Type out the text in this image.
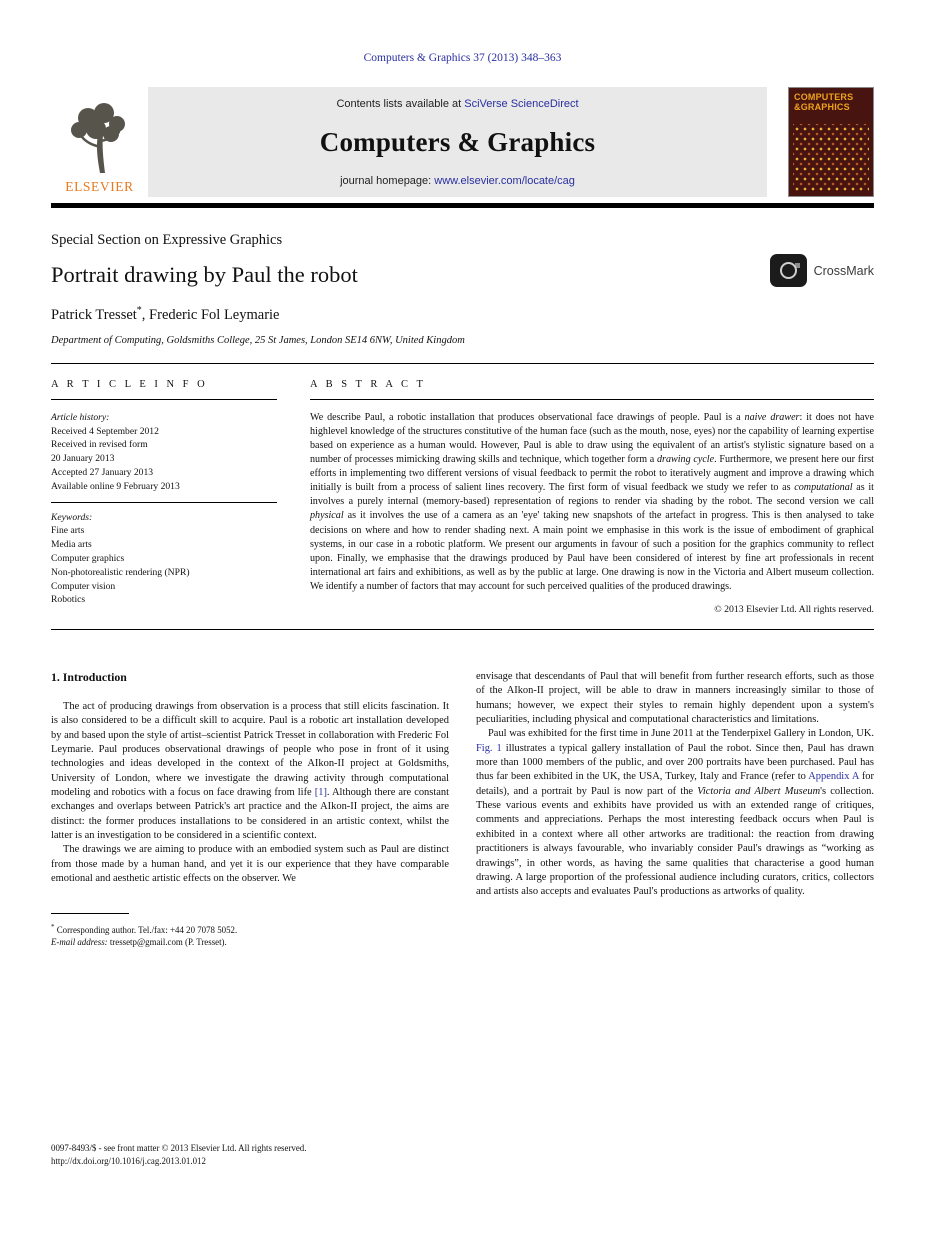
Computers & Graphics 37 (2013) 348–363
ELSEVIER
Contents lists available at SciVerse ScienceDirect
Computers & Graphics
journal homepage: www.elsevier.com/locate/cag
COMPUTERS
&GRAPHICS
Special Section on Expressive Graphics
Portrait drawing by Paul the robot
Patrick Tresset*, Frederic Fol Leymarie
Department of Computing, Goldsmiths College, 25 St James, London SE14 6NW, United Kingdom
CrossMark
A R T I C L E I N F O
Article history:
Received 4 September 2012
Received in revised form
20 January 2013
Accepted 27 January 2013
Available online 9 February 2013
Keywords:
Fine arts
Media arts
Computer graphics
Non-photorealistic rendering (NPR)
Computer vision
Robotics
A B S T R A C T

We describe Paul, a robotic installation that produces observational face drawings of people. Paul is a naive drawer: it does not have highlevel knowledge of the structures constitutive of the human face (such as the mouth, nose, eyes) nor the capability of learning expertise based on experience as a human would. However, Paul is able to draw using the equivalent of an artist's stylistic signature based on a number of processes mimicking drawing skills and technique, which together form a drawing cycle. Furthermore, we present here our first efforts in implementing two different versions of visual feedback to permit the robot to iteratively augment and improve a drawing which initially is built from a process of salient lines recovery. The first form of visual feedback we study we refer to as computational as it involves a purely internal (memory-based) representation of regions to render via shading by the robot. The second version we call physical as it involves the use of a camera as an 'eye' taking new snapshots of the artefact in progress. This is then analysed to take decisions on where and how to render shading next. A main point we emphasise in this work is the issue of embodiment of graphical systems, in our case in a robotic platform. We present our arguments in favour of such a position for the graphics community to reflect upon. Finally, we emphasise that the drawings produced by Paul have been considered of interest by fine art professionals in recent international art fairs and exhibitions, as well as by the public at large. One drawing is now in the Victoria and Albert museum collection. We identify a number of factors that may account for such perceived qualities of the produced drawings.

© 2013 Elsevier Ltd. All rights reserved.
1. Introduction

The act of producing drawings from observation is a process that still elicits fascination. It is also considered to be a difficult skill to acquire. Paul is a robotic art installation developed by and based upon the style of artist–scientist Patrick Tresset in collaboration with Frederic Fol Leymarie. Paul produces observational drawings of people who pose in front of it using technologies and ideas developed in the context of the AIkon-II project at Goldsmiths, University of London, where we investigate the drawing activity through computational modeling and robotics with a focus on face drawing from life [1]. Although there are constant exchanges and overlaps between Patrick's art practice and the AIkon-II project, the aims are distinct: the former produces installations to be considered in an artistic context, whilst the latter is an investigation to be considered in a scientific context.

The drawings we are aiming to produce with an embodied system such as Paul are distinct from those made by a human hand, and yet it is our experience that they have comparable emotional and aesthetic artistic effects on the observer. We

* Corresponding author. Tel./fax: +44 20 7078 5052.
E-mail address: tressetp@gmail.com (P. Tresset).

envisage that descendants of Paul that will benefit from further research efforts, such as those of the AIkon-II project, will be able to draw in manners increasingly similar to those of humans; however, we expect their styles to remain highly dependent upon a system's peculiarities, including physical and computational characteristics and limitations.

Paul was exhibited for the first time in June 2011 at the Tenderpixel Gallery in London, UK. Fig. 1 illustrates a typical gallery installation of Paul the robot. Since then, Paul has drawn more than 1000 members of the public, and over 200 portraits have been purchased. Paul has thus far been exhibited in the UK, the USA, Turkey, Italy and France (refer to Appendix A for details), and a portrait by Paul is now part of the Victoria and Albert Museum's collection. These various events and exhibits have provided us with an extended range of critiques, comments and appreciations. Perhaps the most interesting feedback occurs when Paul is exhibited in a context where all other artworks are traditional: the reaction from drawing practitioners is always favourable, who invariably consider Paul's drawings as “working as drawings”, in other words, as having the same qualities that characterise a good human drawing. A large proportion of the professional audience including curators, critics, collectors and artists also accepts and evaluates Paul's productions as artworks of quality.

0097-8493/$ - see front matter © 2013 Elsevier Ltd. All rights reserved.
http://dx.doi.org/10.1016/j.cag.2013.01.012
